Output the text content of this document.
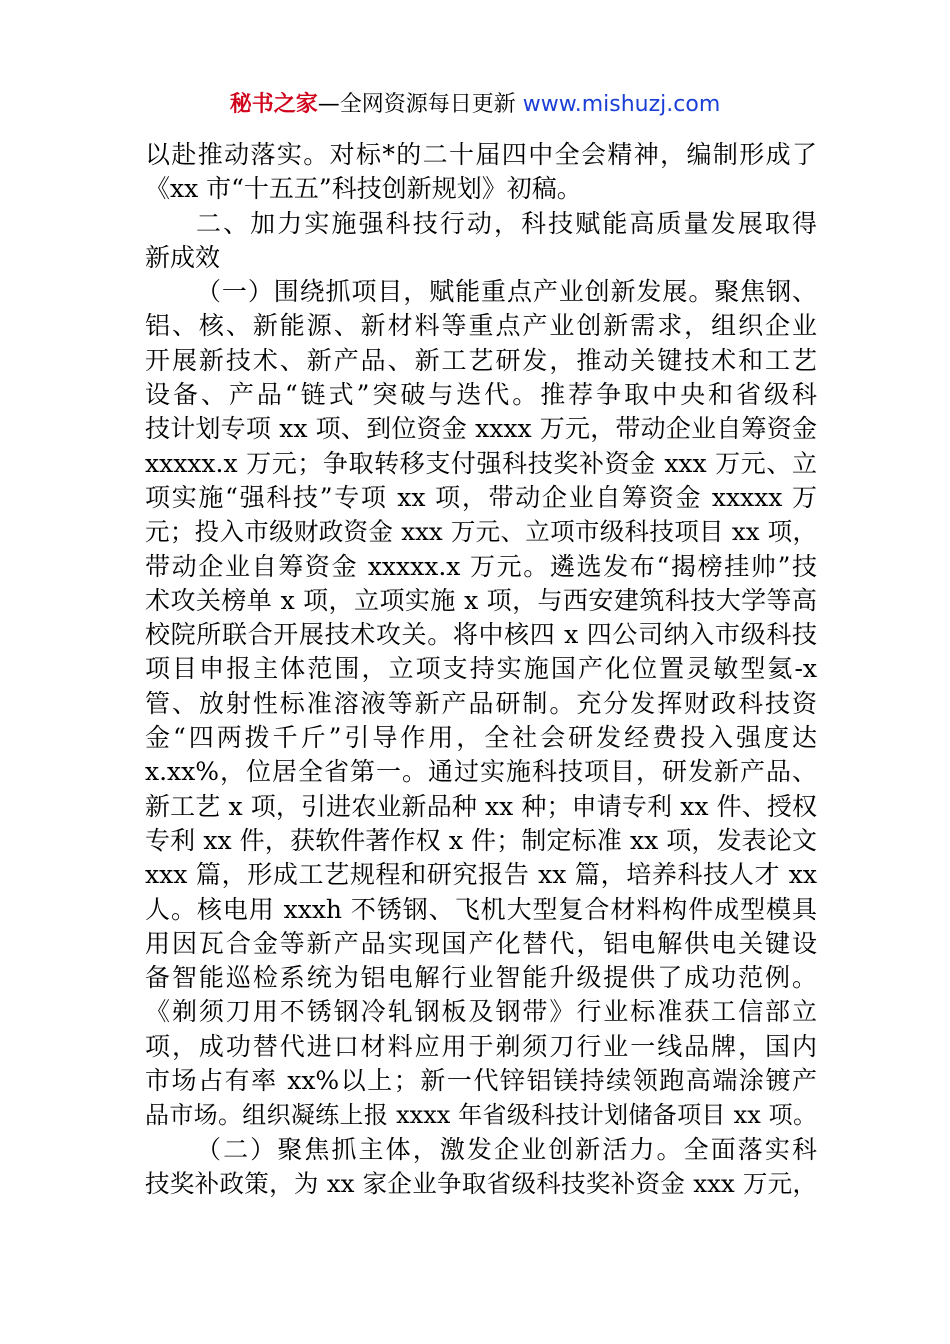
秘书之家—全网资源每日更新 www.mishuzj.com
以赴推动落实。对标*的二十届四中全会精神，编制形成了
《xx 市“十五五”科技创新规划》初稿。
二、加力实施强科技行动，科技赋能高质量发展取得
新成效
（一）围绕抓项目，赋能重点产业创新发展。聚焦钢、
铝、核、新能源、新材料等重点产业创新需求，组织企业
开展新技术、新产品、新工艺研发，推动关键技术和工艺
设备、产品“链式”突破与迭代。推荐争取中央和省级科
技计划专项 xx 项、到位资金 xxxx 万元，带动企业自筹资金
xxxxx.x 万元；争取转移支付强科技奖补资金 xxx 万元、立
项实施“强科技”专项 xx 项，带动企业自筹资金 xxxxx 万
元；投入市级财政资金 xxx 万元、立项市级科技项目 xx 项，
带动企业自筹资金 xxxxx.x 万元。遴选发布“揭榜挂帅”技
术攻关榜单 x 项，立项实施 x 项，与西安建筑科技大学等高
校院所联合开展技术攻关。将中核四 x 四公司纳入市级科技
项目申报主体范围，立项支持实施国产化位置灵敏型氦-x
管、放射性标准溶液等新产品研制。充分发挥财政科技资
金“四两拨千斤”引导作用，全社会研发经费投入强度达
x.xx%，位居全省第一。通过实施科技项目，研发新产品、
新工艺 x 项，引进农业新品种 xx 种；申请专利 xx 件、授权
专利 xx 件，获软件著作权 x 件；制定标准 xx 项，发表论文
xxx 篇，形成工艺规程和研究报告 xx 篇，培养科技人才 xx
人。核电用 xxxh 不锈钢、飞机大型复合材料构件成型模具
用因瓦合金等新产品实现国产化替代，铝电解供电关键设
备智能巡检系统为铝电解行业智能升级提供了成功范例。
《剃须刀用不锈钢冷轧钢板及钢带》行业标准获工信部立
项，成功替代进口材料应用于剃须刀行业一线品牌，国内
市场占有率 xx%以上；新一代锌铝镁持续领跑高端涂镀产
品市场。组织凝练上报 xxxx 年省级科技计划储备项目 xx 项。
（二）聚焦抓主体，激发企业创新活力。全面落实科
技奖补政策，为 xx 家企业争取省级科技奖补资金 xxx 万元，
